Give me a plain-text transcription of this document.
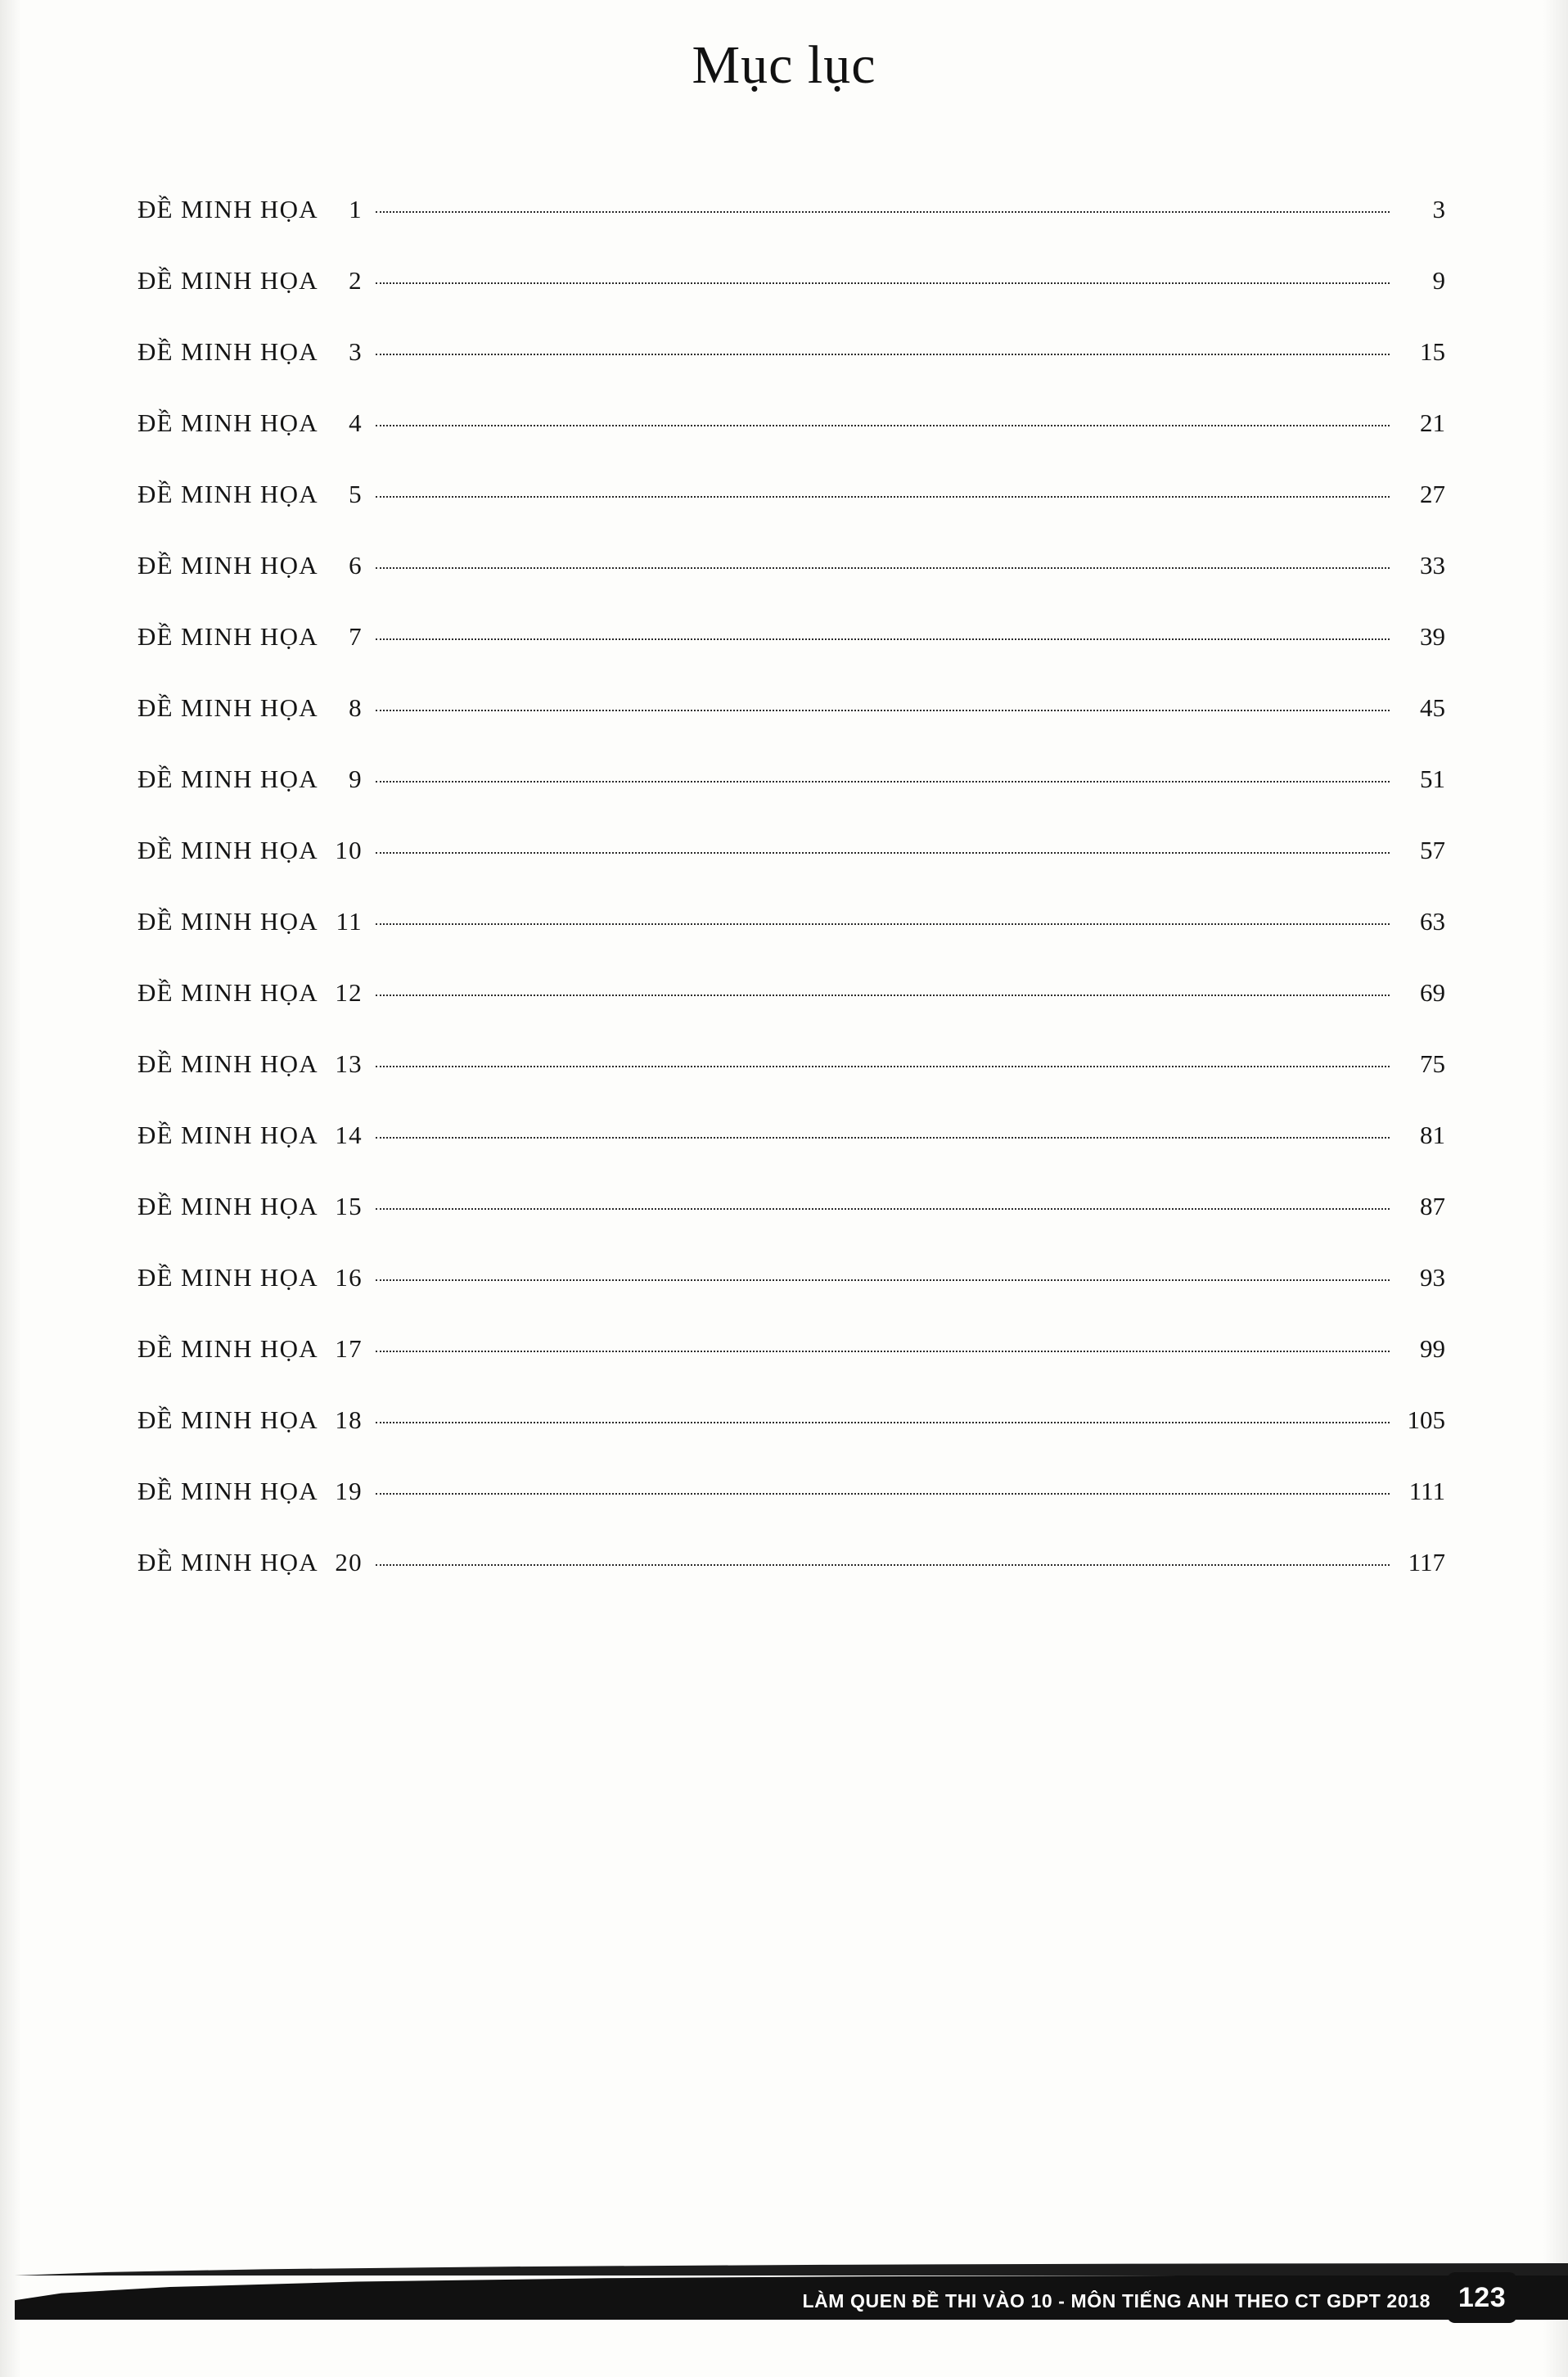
Mục lục
ĐỀ MINH HỌA	1	3
ĐỀ MINH HỌA	2	9
ĐỀ MINH HỌA	3	15
ĐỀ MINH HỌA	4	21
ĐỀ MINH HỌA	5	27
ĐỀ MINH HỌA	6	33
ĐỀ MINH HỌA	7	39
ĐỀ MINH HỌA	8	45
ĐỀ MINH HỌA	9	51
ĐỀ MINH HỌA 10	57
ĐỀ MINH HỌA 11	63
ĐỀ MINH HỌA 12	69
ĐỀ MINH HỌA 13	75
ĐỀ MINH HỌA 14	81
ĐỀ MINH HỌA 15	87
ĐỀ MINH HỌA 16	93
ĐỀ MINH HỌA 17	99
ĐỀ MINH HỌA 18	105
ĐỀ MINH HỌA 19	111
ĐỀ MINH HỌA 20	117
LÀM QUEN ĐỀ THI VÀO 10 - MÔN TIẾNG ANH THEO CT GDPT 2018 123
